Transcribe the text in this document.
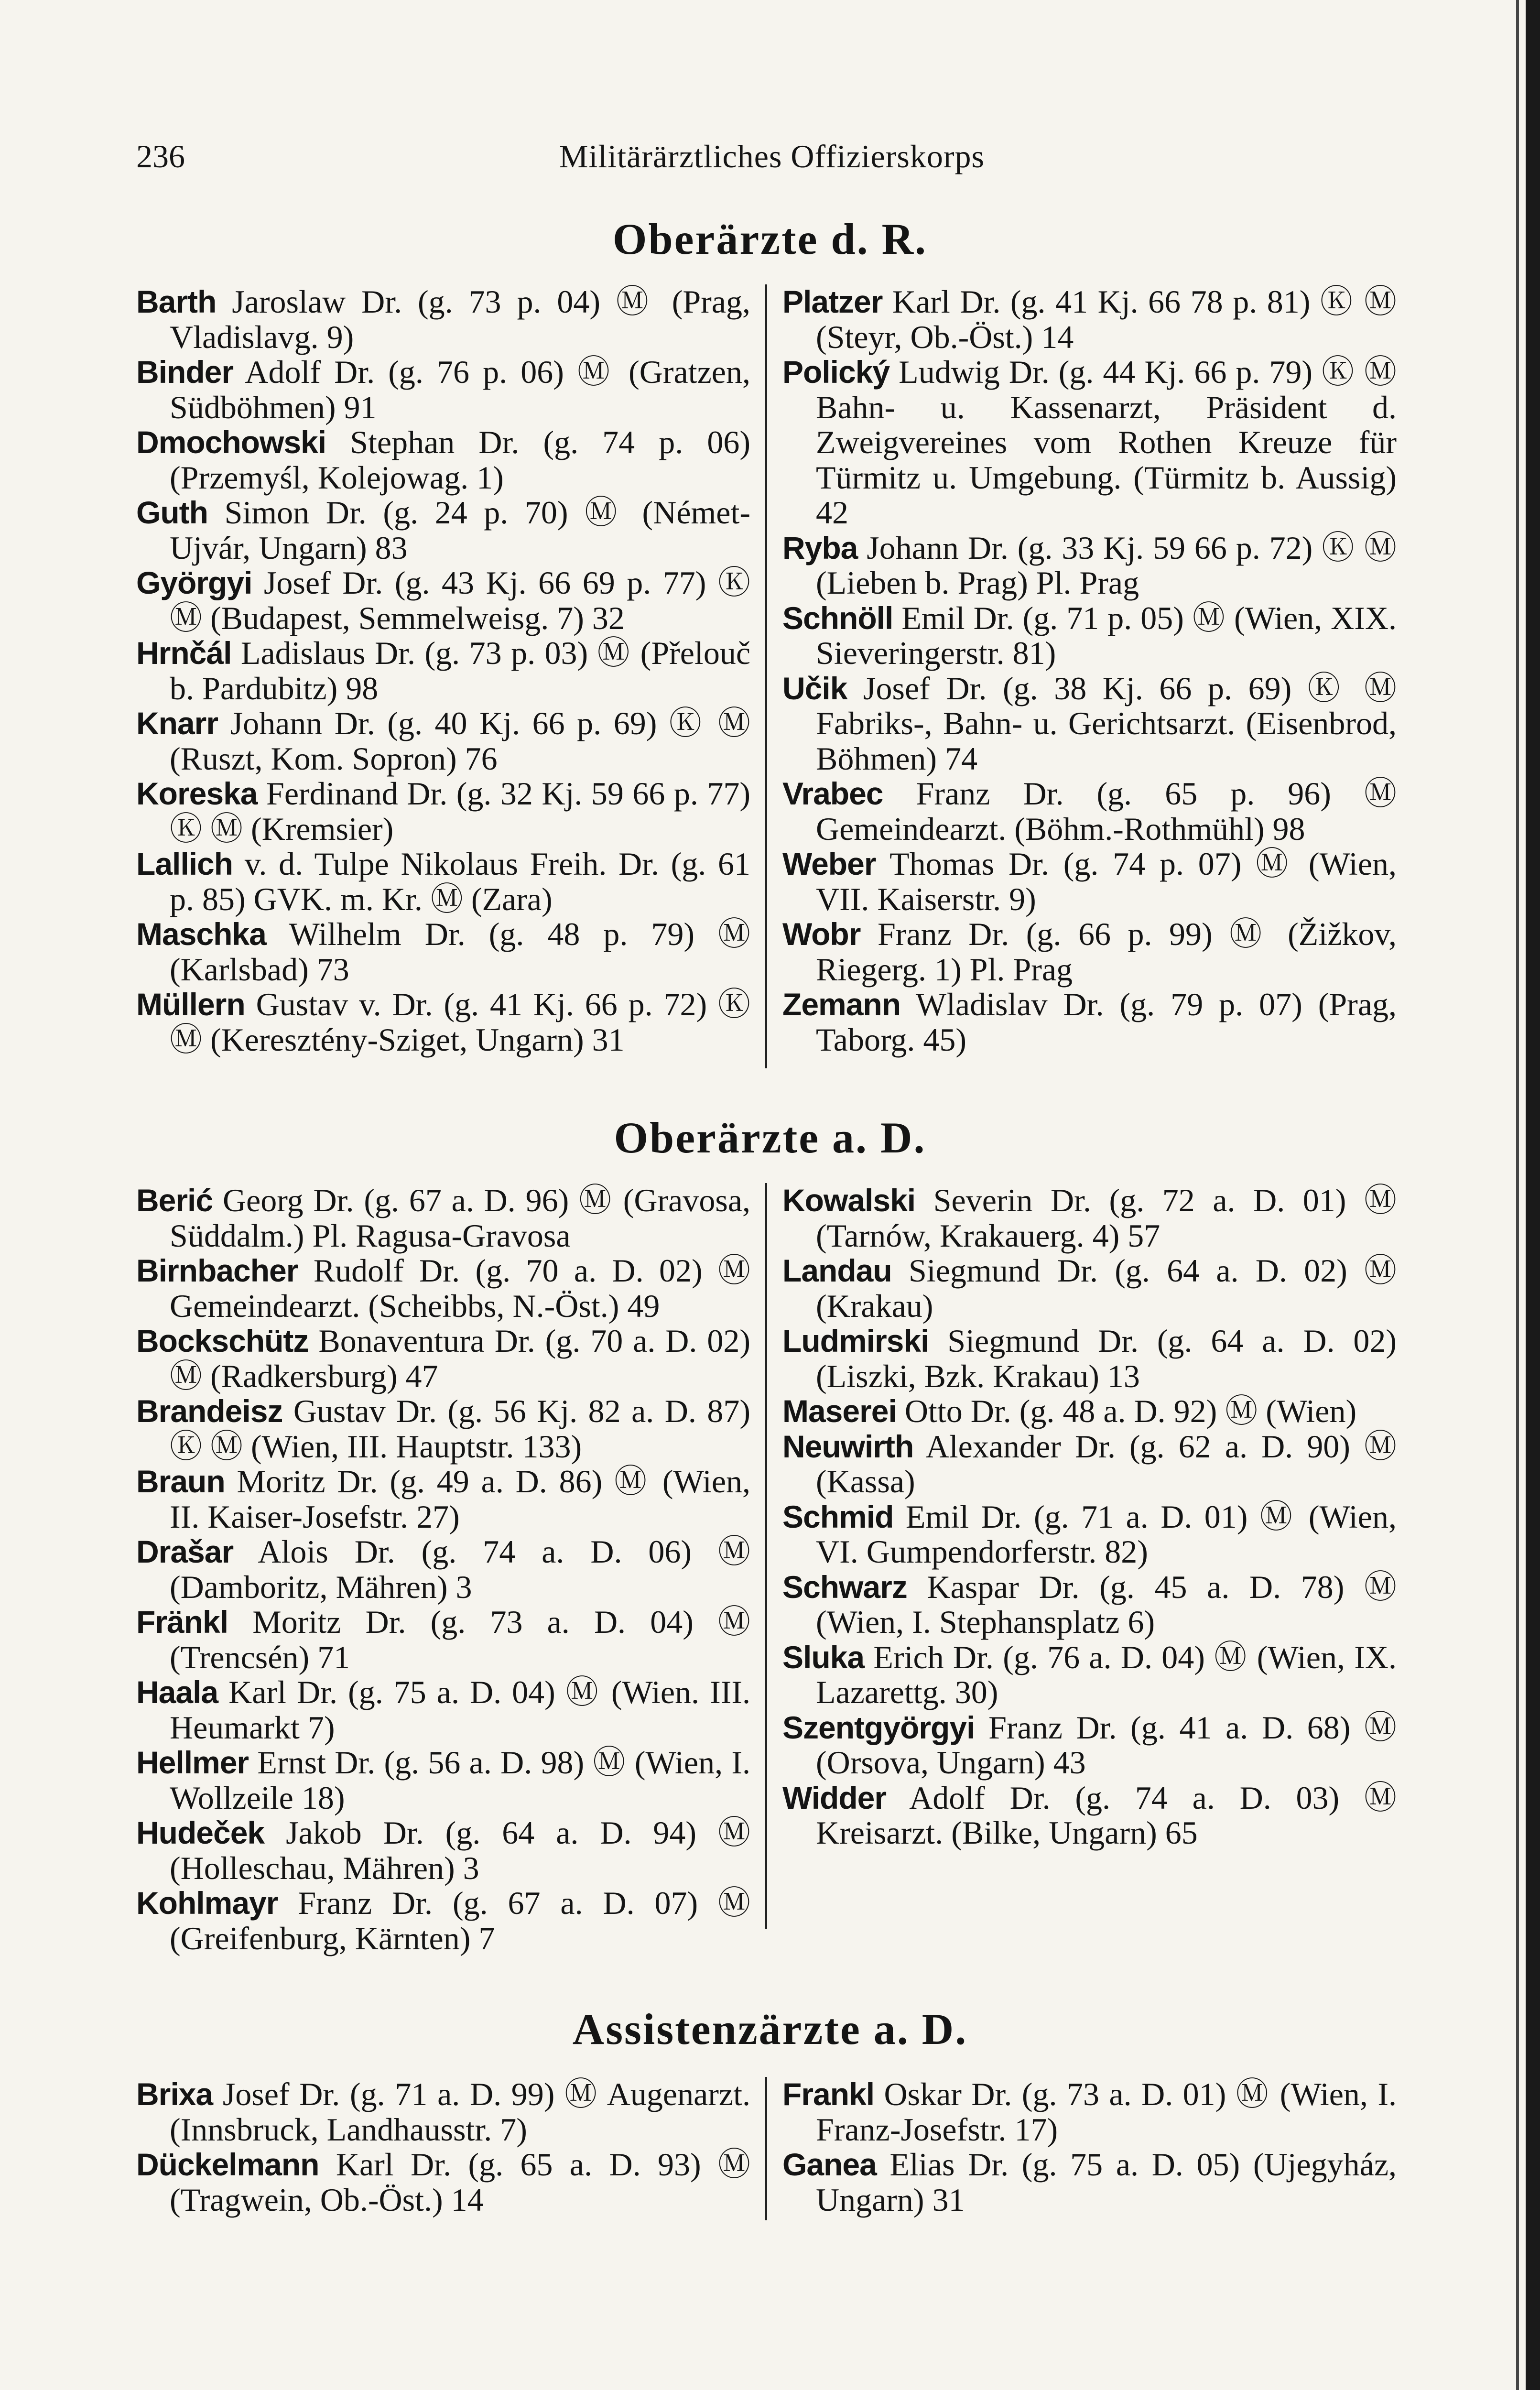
236	Militärärztliches Offizierskorps
Oberärzte d. R.

Barth Jaroslaw Dr. (g. 73 p. 04) Ⓜ (Prag, Vladislavg. 9)

Binder Adolf Dr. (g. 76 p. 06) Ⓜ (Gratzen, Südböhmen) 91

Dmochowski Stephan Dr. (g. 74 p. 06) (Przemyśl, Kolejowag. 1)

Guth Simon Dr. (g. 24 p. 70) Ⓜ (Német-Ujvár, Ungarn) 83

Györgyi Josef Dr. (g. 43 Kj. 66 69 p. 77) Ⓚ Ⓜ (Budapest, Semmelweisg. 7) 32

Hrnčál Ladislaus Dr. (g. 73 p. 03) Ⓜ (Přelouč b. Pardubitz) 98

Knarr Johann Dr. (g. 40 Kj. 66 p. 69) Ⓚ Ⓜ (Ruszt, Kom. Sopron) 76

Koreska Ferdinand Dr. (g. 32 Kj. 59 66 p. 77) Ⓚ Ⓜ (Kremsier)

Lallich v. d. Tulpe Nikolaus Freih. Dr. (g. 61 p. 85) GVK. m. Kr. Ⓜ (Zara)

Maschka Wilhelm Dr. (g. 48 p. 79) Ⓜ (Karlsbad) 73

Müllern Gustav v. Dr. (g. 41 Kj. 66 p. 72) Ⓚ Ⓜ (Keresztény-Sziget, Ungarn) 31

Platzer Karl Dr. (g. 41 Kj. 66 78 p. 81) Ⓚ Ⓜ (Steyr, Ob.-Öst.) 14

Polický Ludwig Dr. (g. 44 Kj. 66 p. 79) Ⓚ Ⓜ Bahn- u. Kassenarzt, Präsident d. Zweigvereines vom Rothen Kreuze für Türmitz u. Umgebung. (Türmitz b. Aussig) 42

Ryba Johann Dr. (g. 33 Kj. 59 66 p. 72) Ⓚ Ⓜ (Lieben b. Prag) Pl. Prag

Schnöll Emil Dr. (g. 71 p. 05) Ⓜ (Wien, XIX. Sieveringerstr. 81)

Učik Josef Dr. (g. 38 Kj. 66 p. 69) Ⓚ Ⓜ Fabriks-, Bahn- u. Gerichtsarzt. (Eisenbrod, Böhmen) 74

Vrabec Franz Dr. (g. 65 p. 96) Ⓜ Gemeindearzt. (Böhm.-Rothmühl) 98

Weber Thomas Dr. (g. 74 p. 07) Ⓜ (Wien, VII. Kaiserstr. 9)

Wobr Franz Dr. (g. 66 p. 99) Ⓜ (Žižkov, Riegerg. 1) Pl. Prag

Zemann Wladislav Dr. (g. 79 p. 07) (Prag, Taborg. 45)

Oberärzte a. D.

Berić Georg Dr. (g. 67 a. D. 96) Ⓜ (Gravosa, Süddalm.) Pl. Ragusa-Gravosa

Birnbacher Rudolf Dr. (g. 70 a. D. 02) Ⓜ Gemeindearzt. (Scheibbs, N.-Öst.) 49

Bockschütz Bonaventura Dr. (g. 70 a. D. 02) Ⓜ (Radkersburg) 47

Brandeisz Gustav Dr. (g. 56 Kj. 82 a. D. 87) Ⓚ Ⓜ (Wien, III. Hauptstr. 133)

Braun Moritz Dr. (g. 49 a. D. 86) Ⓜ (Wien, II. Kaiser-Josefstr. 27)

Drašar Alois Dr. (g. 74 a. D. 06) Ⓜ (Damboritz, Mähren) 3

Fränkl Moritz Dr. (g. 73 a. D. 04) Ⓜ (Trencsén) 71

Haala Karl Dr. (g. 75 a. D. 04) Ⓜ (Wien. III. Heumarkt 7)

Hellmer Ernst Dr. (g. 56 a. D. 98) Ⓜ (Wien, I. Wollzeile 18)

Hudeček Jakob Dr. (g. 64 a. D. 94) Ⓜ (Holleschau, Mähren) 3

Kohlmayr Franz Dr. (g. 67 a. D. 07) Ⓜ (Greifenburg, Kärnten) 7

Kowalski Severin Dr. (g. 72 a. D. 01) Ⓜ (Tarnów, Krakauerg. 4) 57

Landau Siegmund Dr. (g. 64 a. D. 02) Ⓜ (Krakau)

Ludmirski Siegmund Dr. (g. 64 a. D. 02) (Liszki, Bzk. Krakau) 13

Maserei Otto Dr. (g. 48 a. D. 92) Ⓜ (Wien)

Neuwirth Alexander Dr. (g. 62 a. D. 90) Ⓜ (Kassa)

Schmid Emil Dr. (g. 71 a. D. 01) Ⓜ (Wien, VI. Gumpendorferstr. 82)

Schwarz Kaspar Dr. (g. 45 a. D. 78) Ⓜ (Wien, I. Stephansplatz 6)

Sluka Erich Dr. (g. 76 a. D. 04) Ⓜ (Wien, IX. Lazarettg. 30)

Szentgyörgyi Franz Dr. (g. 41 a. D. 68) Ⓜ (Orsova, Ungarn) 43

Widder Adolf Dr. (g. 74 a. D. 03) Ⓜ Kreisarzt. (Bilke, Ungarn) 65

Assistenzärzte a. D.

Brixa Josef Dr. (g. 71 a. D. 99) Ⓜ Augenarzt. (Innsbruck, Landhausstr. 7)

Dückelmann Karl Dr. (g. 65 a. D. 93) Ⓜ (Tragwein, Ob.-Öst.) 14

Frankl Oskar Dr. (g. 73 a. D. 01) Ⓜ (Wien, I. Franz-Josefstr. 17)

Ganea Elias Dr. (g. 75 a. D. 05) (Ujegyház, Ungarn) 31
